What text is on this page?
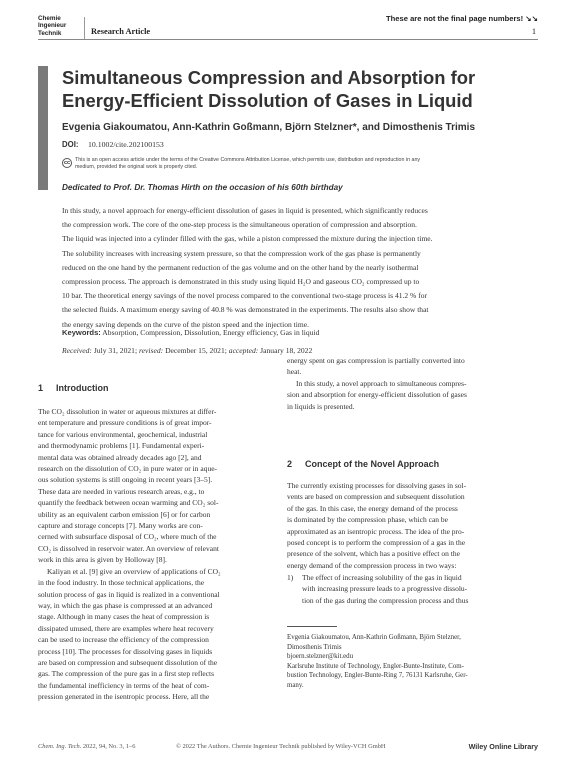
Chemie
Ingenieur
Technik	Research Article
These are not the final page numbers! ↘↘
1
Simultaneous Compression and Absorption for
Energy-Efficient Dissolution of Gases in Liquid
Evgenia Giakoumatou, Ann-Kathrin Goßmann, Björn Stelzner*, and Dimosthenis Trimis
DOI: 10.1002/cite.202100153
cc This is an open access article under the terms of the Creative Commons Attribution License, which permits use, distribution and reproduction in any
medium, provided the original work is properly cited.
Dedicated to Prof. Dr. Thomas Hirth on the occasion of his 60th birthday
In this study, a novel approach for energy-efficient dissolution of gases in liquid is presented, which significantly reduces
the compression work. The core of the one-step process is the simultaneous operation of compression and absorption.
The liquid was injected into a cylinder filled with the gas, while a piston compressed the mixture during the injection time.
The solubility increases with increasing system pressure, so that the compression work of the gas phase is permanently
reduced on the one hand by the permanent reduction of the gas volume and on the other hand by the nearly isothermal
compression process. The approach is demonstrated in this study using liquid H₂O and gaseous CO₂ compressed up to
10 bar. The theoretical energy savings of the novel process compared to the conventional two-stage process is 41.2 % for
the selected fluids. A maximum energy saving of 40.8 % was demonstrated in the experiments. The results also show that
the energy saving depends on the curve of the piston speed and the injection time.
Keywords: Absorption, Compression, Dissolution, Energy efficiency, Gas in liquid
Received: July 31, 2021; revised: December 15, 2021; accepted: January 18, 2022
1 Introduction
The CO₂ dissolution in water or aqueous mixtures at differ-
ent temperature and pressure conditions is of great impor-
tance for various environmental, geochemical, industrial
and thermodynamic problems [1]. Fundamental experi-
mental data was obtained already decades ago [2], and
research on the dissolution of CO₂ in pure water or in aque-
ous solution systems is still ongoing in recent years [3–5].
These data are needed in various research areas, e.g., to
quantify the feedback between ocean warming and CO₂ sol-
ubility as an equivalent carbon emission [6] or for carbon
capture and storage concepts [7]. Many works are con-
cerned with subsurface disposal of CO₂, where much of the
CO₂ is dissolved in reservoir water. An overview of relevant
work in this area is given by Holloway [8].
Kaliyan et al. [9] give an overview of applications of CO₂
in the food industry. In those technical applications, the
solution process of gas in liquid is realized in a conventional
way, in which the gas phase is compressed at an advanced
stage. Although in many cases the heat of compression is
dissipated unused, there are examples where heat recovery
can be used to increase the efficiency of the compression
process [10]. The processes for dissolving gases in liquids
are based on compression and subsequent dissolution of the
gas. The compression of the pure gas in a first step reflects
the fundamental inefficiency in terms of the heat of com-
pression generated in the isentropic process. Here, all the
energy spent on gas compression is partially converted into
heat.
In this study, a novel approach to simultaneous compres-
sion and absorption for energy-efficient dissolution of gases
in liquids is presented.
2 Concept of the Novel Approach
The currently existing processes for dissolving gases in sol-
vents are based on compression and subsequent dissolution
of the gas. In this case, the energy demand of the process
is dominated by the compression phase, which can be
approximated as an isentropic process. The idea of the pro-
posed concept is to perform the compression of a gas in the
presence of the solvent, which has a positive effect on the
energy demand of the compression process in two ways:
1) The effect of increasing solubility of the gas in liquid
with increasing pressure leads to a progressive dissolu-
tion of the gas during the compression process and thus
Evgenia Giakoumatou, Ann-Kathrin Goßmann, Björn Stelzner,
Dimosthenis Trimis
bjoern.stelzner@kit.edu
Karlsruhe Institute of Technology, Engler-Bunte-Institute, Com-
bustion Technology, Engler-Bunte-Ring 7, 76131 Karlsruhe, Ger-
many.
Chem. Ing. Tech. 2022, 94, No. 3, 1–6	© 2022 The Authors. Chemie Ingenieur Technik published by Wiley-VCH GmbH	Wiley Online Library
